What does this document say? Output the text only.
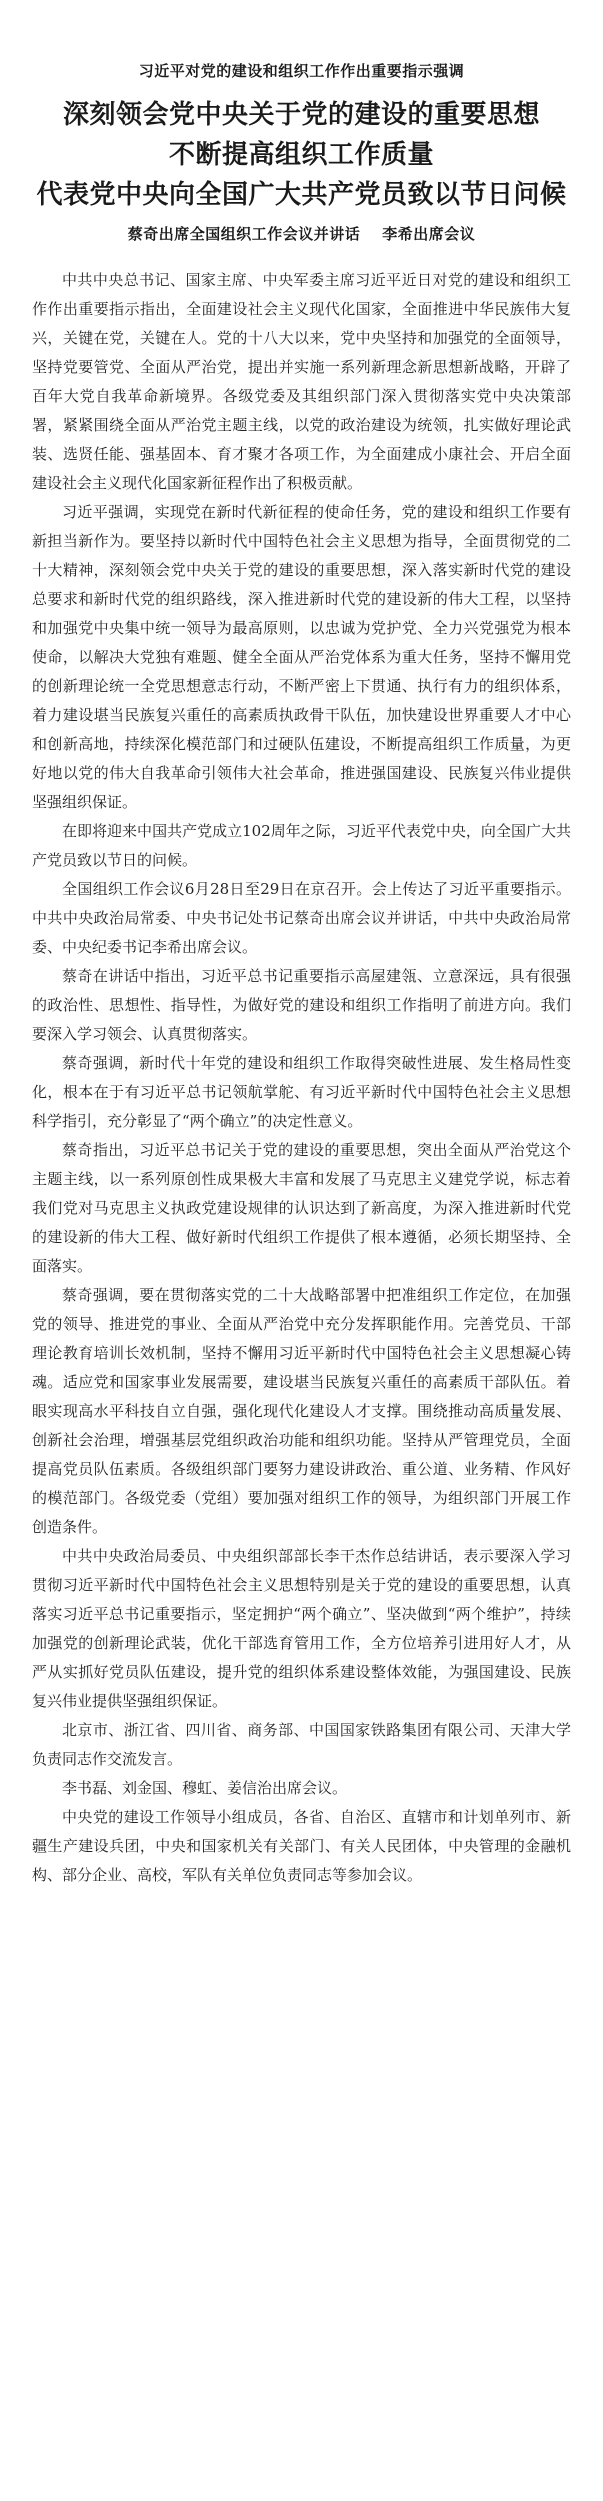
习近平对党的建设和组织工作作出重要指示强调
深刻领会党中央关于党的建设的重要思想
不断提高组织工作质量
代表党中央向全国广大共产党员致以节日问候
蔡奇出席全国组织工作会议并讲话 李希出席会议

中共中央总书记、国家主席、中央军委主席习近平近日对党的建设和组织工作作出重要指示指出，全面建设社会主义现代化国家，全面推进中华民族伟大复兴，关键在党，关键在人。党的十八大以来，党中央坚持和加强党的全面领导，坚持党要管党、全面从严治党，提出并实施一系列新理念新思想新战略，开辟了百年大党自我革命新境界。各级党委及其组织部门深入贯彻落实党中央决策部署，紧紧围绕全面从严治党主题主线，以党的政治建设为统领，扎实做好理论武装、选贤任能、强基固本、育才聚才各项工作，为全面建成小康社会、开启全面建设社会主义现代化国家新征程作出了积极贡献。

习近平强调，实现党在新时代新征程的使命任务，党的建设和组织工作要有新担当新作为。要坚持以新时代中国特色社会主义思想为指导，全面贯彻党的二十大精神，深刻领会党中央关于党的建设的重要思想，深入落实新时代党的建设总要求和新时代党的组织路线，深入推进新时代党的建设新的伟大工程，以坚持和加强党中央集中统一领导为最高原则，以忠诚为党护党、全力兴党强党为根本使命，以解决大党独有难题、健全全面从严治党体系为重大任务，坚持不懈用党的创新理论统一全党思想意志行动，不断严密上下贯通、执行有力的组织体系，着力建设堪当民族复兴重任的高素质执政骨干队伍，加快建设世界重要人才中心和创新高地，持续深化模范部门和过硬队伍建设，不断提高组织工作质量，为更好地以党的伟大自我革命引领伟大社会革命，推进强国建设、民族复兴伟业提供坚强组织保证。

在即将迎来中国共产党成立102周年之际，习近平代表党中央，向全国广大共产党员致以节日的问候。

全国组织工作会议6月28日至29日在京召开。会上传达了习近平重要指示。中共中央政治局常委、中央书记处书记蔡奇出席会议并讲话，中共中央政治局常委、中央纪委书记李希出席会议。

蔡奇在讲话中指出，习近平总书记重要指示高屋建瓴、立意深远，具有很强的政治性、思想性、指导性，为做好党的建设和组织工作指明了前进方向。我们要深入学习领会、认真贯彻落实。

蔡奇强调，新时代十年党的建设和组织工作取得突破性进展、发生格局性变化，根本在于有习近平总书记领航掌舵、有习近平新时代中国特色社会主义思想科学指引，充分彰显了“两个确立”的决定性意义。

蔡奇指出，习近平总书记关于党的建设的重要思想，突出全面从严治党这个主题主线，以一系列原创性成果极大丰富和发展了马克思主义建党学说，标志着我们党对马克思主义执政党建设规律的认识达到了新高度，为深入推进新时代党的建设新的伟大工程、做好新时代组织工作提供了根本遵循，必须长期坚持、全面落实。

蔡奇强调，要在贯彻落实党的二十大战略部署中把准组织工作定位，在加强党的领导、推进党的事业、全面从严治党中充分发挥职能作用。完善党员、干部理论教育培训长效机制，坚持不懈用习近平新时代中国特色社会主义思想凝心铸魂。适应党和国家事业发展需要，建设堪当民族复兴重任的高素质干部队伍。着眼实现高水平科技自立自强，强化现代化建设人才支撑。围绕推动高质量发展、创新社会治理，增强基层党组织政治功能和组织功能。坚持从严管理党员，全面提高党员队伍素质。各级组织部门要努力建设讲政治、重公道、业务精、作风好的模范部门。各级党委（党组）要加强对组织工作的领导，为组织部门开展工作创造条件。

中共中央政治局委员、中央组织部部长李干杰作总结讲话，表示要深入学习贯彻习近平新时代中国特色社会主义思想特别是关于党的建设的重要思想，认真落实习近平总书记重要指示，坚定拥护“两个确立”、坚决做到“两个维护”，持续加强党的创新理论武装，优化干部选育管用工作，全方位培养引进用好人才，从严从实抓好党员队伍建设，提升党的组织体系建设整体效能，为强国建设、民族复兴伟业提供坚强组织保证。

北京市、浙江省、四川省、商务部、中国国家铁路集团有限公司、天津大学负责同志作交流发言。

李书磊、刘金国、穆虹、姜信治出席会议。

中央党的建设工作领导小组成员，各省、自治区、直辖市和计划单列市、新疆生产建设兵团，中央和国家机关有关部门、有关人民团体，中央管理的金融机构、部分企业、高校，军队有关单位负责同志等参加会议。
